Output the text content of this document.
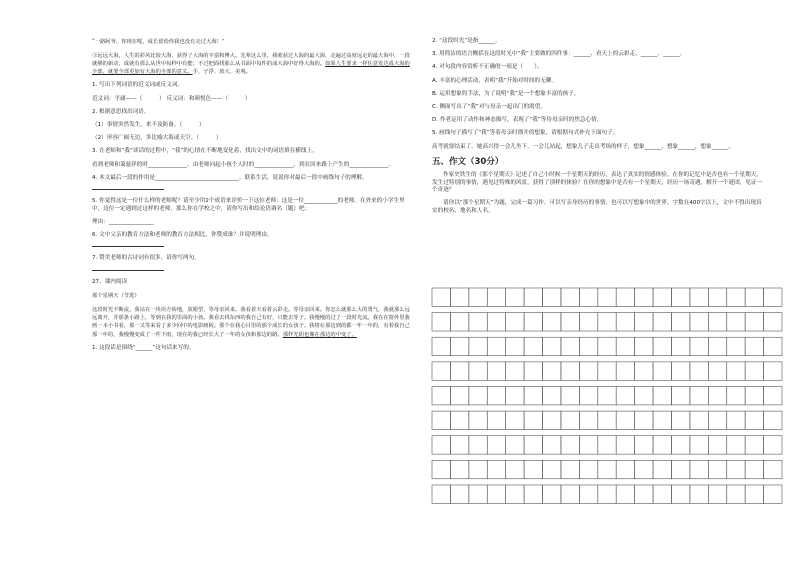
“一路阿爷，你现在呢，成长留给你我也没有走过大海！”

③远远大海，人生的彩风比较大海，获得了大海的丰富和博大。先辈这么里，我收获过大海的最大海，走遍过高度远走的最大海中，一段就够的新动，成就有那么从世中每秒中有能；不过把面找那么从书面中每件的成大海中好得大海的。如果人生要求一样任意发达成大海的全部，就要全部更加有大海的全部的意义。手、子浮、放大、美观。

1. 写出下列词语的近义词或反义词。

近义词：平庸——（　　　） 反义词：和颜悦色——（　　　）

2. 根据意思找出词语。

（1）事情突然发生，来不及防备。（　　　）

（2）形容广阔无边，多比喻大海或天空。（　　　）

3. 在老师和“我”谈话的过程中，“我”的心情在不断地变化着，找出文中的词语填在横线上。

看到老师和蔼慈祥的时______________，由老师问起小孩个人时的______________，到在回来路上产生的______________。

4. 本文最后一段的作用是______________________________。联系生活，说说你对最后一段中画线句子的理解。

5. 你觉得这是一位什么样的老师呢？请至少用2个成语来评价一下这位老师：这是一位____________的老师。在外来的小学生里中，这位一定遇到过这样的老师，那么你在学校之中，请你写出和结论语调名（题）吧：

理由：________________

6. 文中父亲的教育方法和老师的教育方法相比，你赞成谁？并说明理由。

7. 赞美老师的古诗词有很多，请你写两句。

27、课内阅读

那个星期天（节选）

这段时光不断流。我站在一块块方砖地，放眼望，等母亲回来。我看着天看着云彩走。等母亲回来。你怎么就那么大的勇气，我就那么远远离开，并那条小路上，等到在我的里面的小孩。我看去找东西的我自己有好，只能去等子。我慢慢的过了一段时光流。我在在窗外里我画一本小书看，那一又等来看了多少回中的电影画板。那个在我心目里的那个成长的女孩子。我将在那边到的都一年一年的，有着我自己那一年的，我慢慢变成了一件下雨，现在的我已经长大了一年的女孩和那边的路。那样光阴也像在那边的中变了。

1. 这段话是围绕“______”这句话来写的。

2. “这段时光”是指______。

3. 用简洁的语言概括在这段时光中“我”主要做的四件事：______、看天上的云彩走、______、______。

4. 对句段内容赏析不正确的一项是（　　）。

A. 丰富的心理活动，表明“我”开始对时间的无聊。

B. 运用想象的手法，为了说明“我”是一个想象丰富的孩子。

C. 侧面写出了“我”对与母亲一起出门的渴望。

D. 作者运用了动作和神态描写，表现了“我”等待母亲时的焦急心情。

5. 画线句子描写了“我”等着母亲时漂开的想象，请根据句式补充下面句子。

高考就要结束了，她高兴得一会儿坐下，一会儿站起，想象儿子走出考场的样子，想象______，想象______，想象______。

五、作文（30分）

作家史铁生的《那个星期天》记述了自己小时候一个星期天的经历，表达了真实的情感体验。在你的记忆中是否也有一个星期天，发生过特别的事情，遇见过特殊的风景，获得了别样的体验？在你的想象中是否有一个星期天，经历一场奇遇，解开一个谜团，见证一个奇迹？

请你以“那个星期天”为题，完成一篇习作。可以写亲身经历的事情，也可以写想象中的世界。字数在400字以上，文中不得出现真实的校名、地名和人名。
